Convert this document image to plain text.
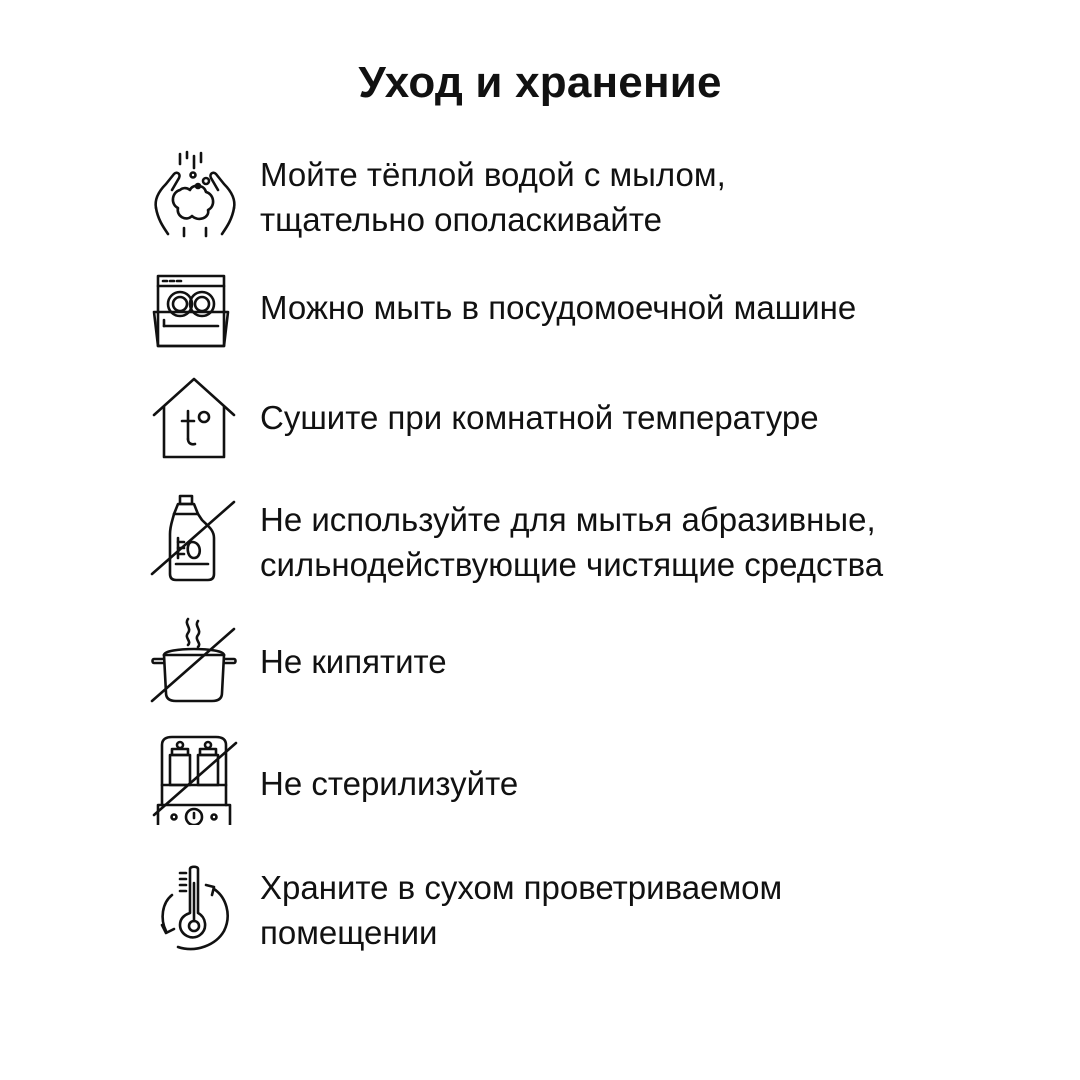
Уход и хранение
Мойте тёплой водой с мылом,
тщательно ополаскивайте
Можно мыть в посудомоечной машине
Сушите при комнатной температуре
Не используйте для мытья абразивные,
сильнодействующие чистящие средства
Не кипятите
Не стерилизуйте
Храните в сухом проветриваемом
помещении
